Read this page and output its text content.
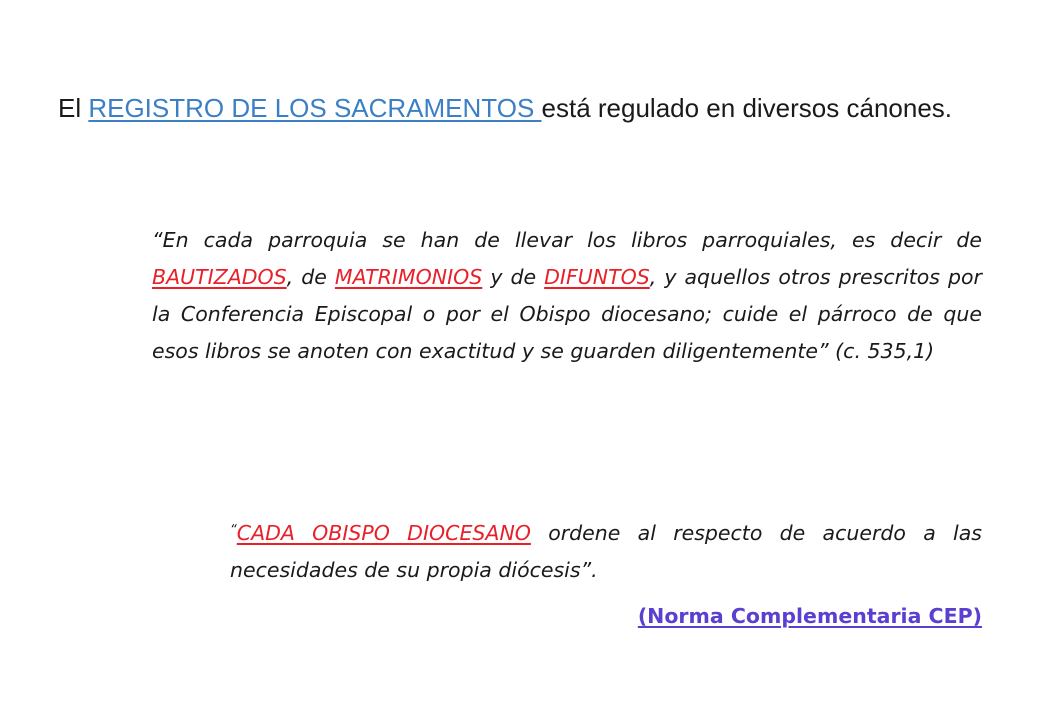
El REGISTRO DE LOS SACRAMENTOS está regulado en diversos cánones.
“En cada parroquia se han de llevar los libros parroquiales, es decir de BAUTIZADOS, de MATRIMONIOS y de DIFUNTOS, y aquellos otros prescritos por la Conferencia Episcopal o por el Obispo diocesano; cuide el párroco de que esos libros se anoten con exactitud y se guarden diligentemente” (c. 535,1)
“CADA OBISPO DIOCESANO ordene al respecto de acuerdo a las necesidades de su propia diócesis”.
(Norma Complementaria CEP)
